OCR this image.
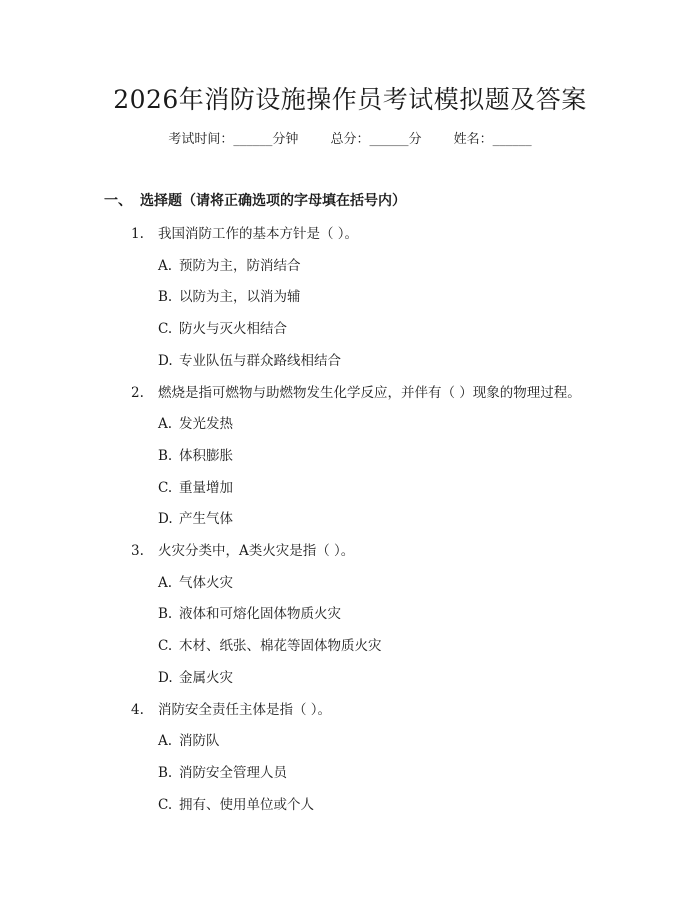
2026年消防设施操作员考试模拟题及答案
考试时间：______分钟 总分：______分 姓名：______
一、 选择题（请将正确选项的字母填在括号内）
1. 我国消防工作的基本方针是（ ）。
A. 预防为主，防消结合
B. 以防为主，以消为辅
C. 防火与灭火相结合
D. 专业队伍与群众路线相结合
2. 燃烧是指可燃物与助燃物发生化学反应，并伴有（ ）现象的物理过程。
A. 发光发热
B. 体积膨胀
C. 重量增加
D. 产生气体
3. 火灾分类中，A类火灾是指（ ）。
A. 气体火灾
B. 液体和可熔化固体物质火灾
C. 木材、纸张、棉花等固体物质火灾
D. 金属火灾
4. 消防安全责任主体是指（ ）。
A. 消防队
B. 消防安全管理人员
C. 拥有、使用单位或个人
